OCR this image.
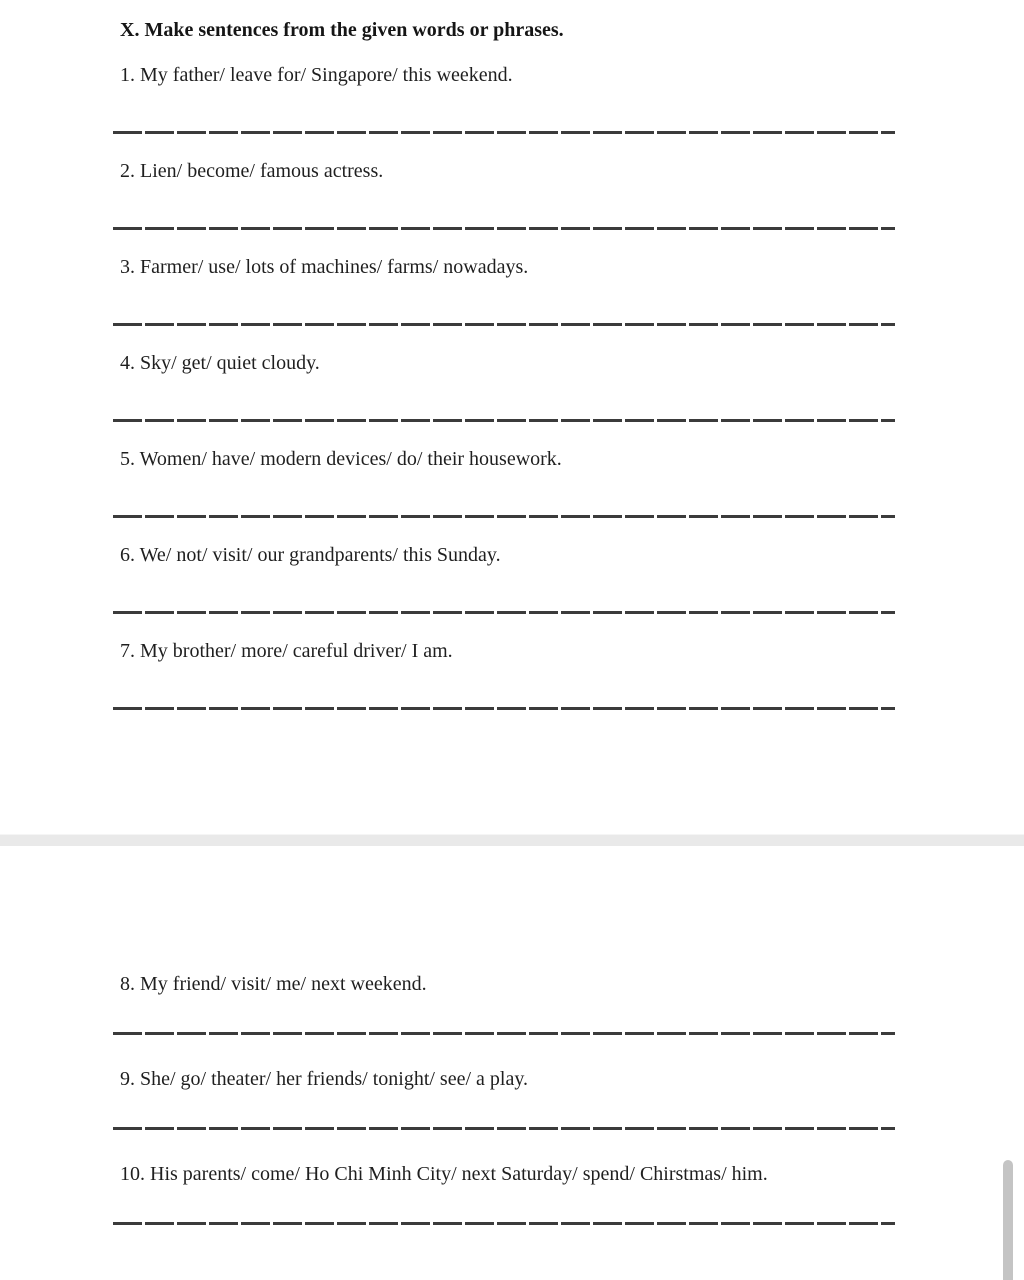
X. Make sentences from the given words or phrases.

1. My father/ leave for/ Singapore/ this weekend.

2. Lien/ become/ famous actress.

3. Farmer/ use/ lots of machines/ farms/ nowadays.

4. Sky/ get/ quiet cloudy.

5. Women/ have/ modern devices/ do/ their housework.

6. We/ not/ visit/ our grandparents/ this Sunday.

7. My brother/ more/ careful driver/ I am.

8. My friend/ visit/ me/ next weekend.

9. She/ go/ theater/ her friends/ tonight/ see/ a play.

10. His parents/ come/ Ho Chi Minh City/ next Saturday/ spend/ Chirstmas/ him.
